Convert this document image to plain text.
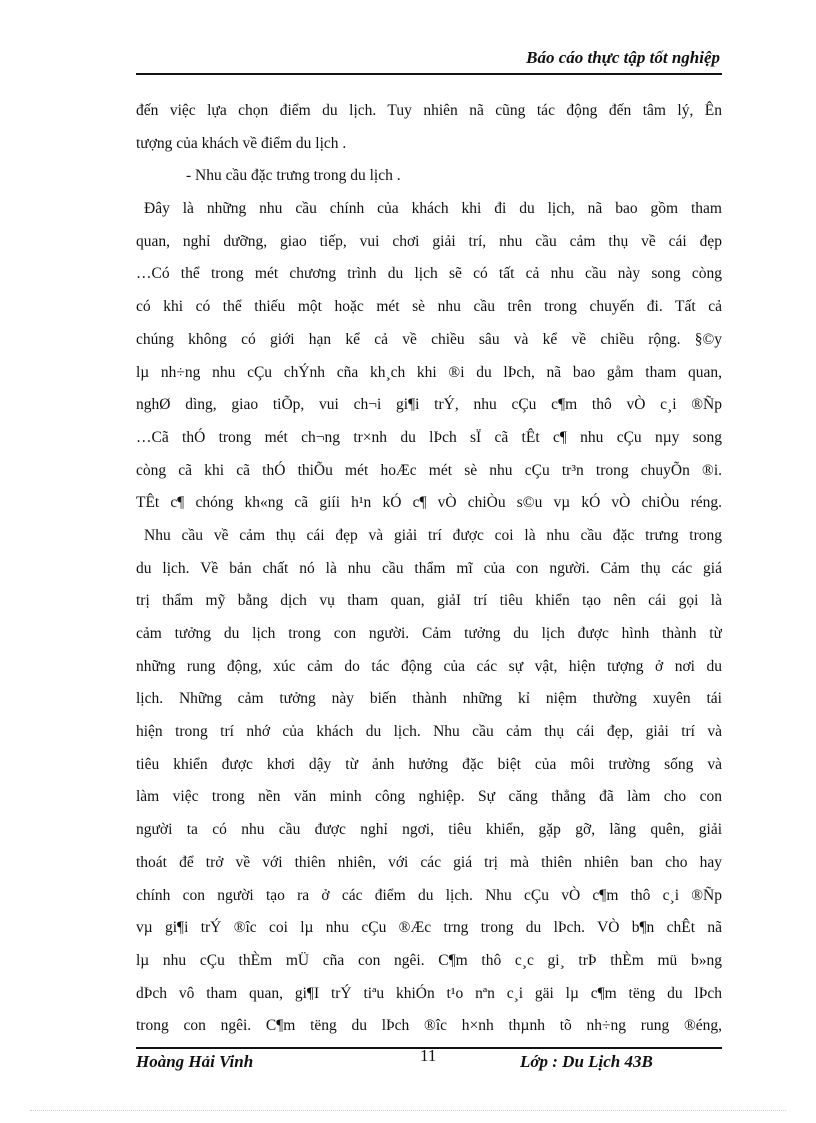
Báo cáo thực tập tốt nghiệp
đến việc lựa chọn điểm du lịch. Tuy nhiên nã cũng tác động đến tâm lý, Ên
tượng của khách về điểm du lịch .
- Nhu cầu đặc trưng trong du lịch .
Đây là những nhu cầu chính của khách khi đi du lịch, nã bao gồm tham
quan, nghỉ dưỡng, giao tiếp, vui chơi giải trí, nhu cầu cảm thụ về cái đẹp
…Có thể trong mét chương trình du lịch sẽ có tất cả nhu cầu này song còng
có khi có thể thiếu một hoặc mét sè nhu cầu trên trong chuyến đi. Tất cả
chúng không có giới hạn kể cả về chiều sâu và kể về chiều rộng. §©y
lµ nh÷ng nhu cÇu chÝnh cña kh¸ch khi ®i du lÞch, nã bao gåm tham quan,
nghØ dìng, giao tiÕp, vui ch¬i gi¶i trÝ, nhu cÇu c¶m thô vÒ c¸i ®Ñp
…Cã thÓ trong mét ch¬ng tr×nh du lÞch sÏ cã tÊt c¶ nhu cÇu nµy song
còng cã khi cã thÓ thiÕu mét hoÆc mét sè nhu cÇu tr³n trong chuyÕn ®i.
TÊt c¶ chóng kh«ng cã giíi h¹n kÓ c¶ vÒ chiÒu s©u vµ kÓ vÒ chiÒu réng.
Nhu cầu về cảm thụ cái đẹp và giải trí được coi là nhu cầu đặc trưng trong
du lịch. Về bản chất nó là nhu cầu thẩm mĩ của con người. Cảm thụ các giá
trị thẩm mỹ bằng dịch vụ tham quan, giảI trí tiêu khiển tạo nên cái gọi là
cảm tưởng du lịch trong con người. Cảm tưởng du lịch được hình thành từ
những rung động, xúc cảm do tác động của các sự vật, hiện tượng ở nơi du
lịch. Những cảm tưởng này biến thành những kỉ niệm thường xuyên tái
hiện trong trí nhớ của khách du lịch. Nhu cầu cảm thụ cái đẹp, giải trí và
tiêu khiển được khơi dậy từ ảnh hưởng đặc biệt của môi trường sống và
làm việc trong nền văn minh công nghiệp. Sự căng thẳng đã làm cho con
người ta có nhu cầu được nghỉ ngơi, tiêu khiển, gặp gỡ, lãng quên, giải
thoát để trở về với thiên nhiên, với các giá trị mà thiên nhiên ban cho hay
chính con người tạo ra ở các điểm du lịch. Nhu cÇu vÒ c¶m thô c¸i ®Ñp
vµ gi¶i trÝ ®îc coi lµ nhu cÇu ®Æc trng trong du lÞch. VÒ b¶n chÊt nã
lµ nhu cÇu thÈm mÜ cña con ngêi. C¶m thô c¸c gi¸ trÞ thÈm mü b»ng
dÞch vô tham quan, gi¶I trÝ tiªu khiÓn t¹o nªn c¸i gäi lµ c¶m tëng du lÞch
trong con ngêi. C¶m tëng du lÞch ®îc h×nh thµnh tõ nh÷ng rung ®éng,
Hoàng Hải Vinh	11	Lớp : Du Lịch 43B
